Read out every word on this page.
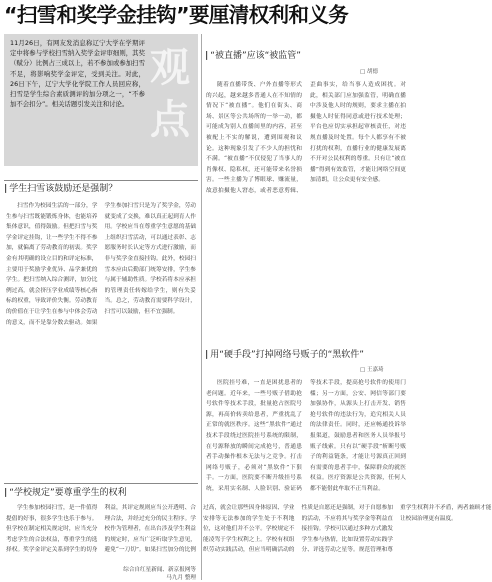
“扫雪和奖学金挂钩”要厘清权利和义务
11月26日，有网友发消息称辽宁大学在学期评定中将参与学校扫雪纳入奖学金评审细则，其奖（赋分）比例占三成以上，若不参加或参加扫雪不足，将影响奖学金评定，受到关注。对此，26日下午，辽宁大学化学院工作人员回应称，扫雪是学生综合素质测评的加分项之一，“不参加不会扣分”。相关话题引发关注和讨论。
观点
| 学生扫雪该鼓励还是强制？
扫雪作为校园生活的一部分，学生参与扫雪既能锻炼身体，也能培养集体意识，值得鼓励。但把扫雪与奖学金评定挂钩，让一些学生不得不参加，就偏离了劳动教育的初衷。奖学金有其明确的设立目的和评定标准，主要用于奖励学业优异、品学兼优的学生。把扫雪纳入综合测评，加分比例过高，就会挤压学业成绩等核心指标的权重，导致评价失衡。劳动教育的价值在于让学生在参与中体会劳动的意义，而不是靠分数去驱动。如果学生参加扫雪只是为了奖学金，劳动就变成了交换，难以真正起到育人作用。学校应当在尊重学生意愿的基础上组织扫雪活动，可以通过表彰、志愿服务时长认定等方式进行激励，而非与奖学金直接挂钩。此外，校园扫雪本应由后勤部门统筹安排，学生参与属于辅助性质。学校若将本应承担的管理责任转嫁给学生，则有失妥当。总之，劳动教育需要科学设计，扫雪可以鼓励，但不宜强制。
| “学校规定”要尊重学生的权利
学生参加校园扫雪，是一件值得提倡的好事，很多学生也乐于参与。但学校在制定相关规定时，应当充分考虑学生的合法权益，尊重学生的选择权。奖学金评定关系到学生的切身利益，其评定规则应当公开透明、合理合法，并经过充分的民主程序。学校作为管理者，在出台涉及学生利益的规定时，应当广泛听取学生意见，避免“一刀切”。如果扫雪加分的比例过高，就会让那些因身体原因、学业安排等无法参加的学生处于不利地位，这对他们并不公平。学校规定不能凌驾于学生权利之上。学校有权组织劳动实践活动，但应当明确活动的性质是自愿还是强制，对于自愿参加的活动，不应将其与奖学金等利益直接挂钩。学校可以通过多种方式激发学生参与热情，比如设置劳动实践学分、评选劳动之星等。规范管理和尊重学生权利并不矛盾，两者兼顾才能让校园治理更有温度。
综合自红星新闻、新京报网等
马九月 整理
| “被直播”应该“被监管”
□ 胡德
随着直播带货、户外直播等形式的兴起，越来越多普通人在不知情的情况下“被直播”。他们在街头、商场、景区等公共场所的一举一动，都可能成为别人直播间里的内容，甚至被配上不实的解说，遭到围观和议论。这种现象引发了不少人的担忧和不满。“被直播”不仅侵犯了当事人的肖像权、隐私权，还可能带来名誉损害。一些主播为了博眼球、赚流量，故意拍摄他人窘态，或者恶意剪辑、歪曲事实，给当事人造成困扰。对此，相关部门应加强监管，明确直播中涉及他人时的规则，要求主播在拍摄他人时征得同意或进行技术处理；平台也应切实承担起审核责任，对违规直播及时处置。每个人都享有不被打扰的权利，直播行业的健康发展离不开对公民权利的尊重。只有让“被直播”得到有效监管，才能让网络空间更加清朗，让公众更有安全感。
| 用“硬手段”打掉网络号贩子的“黑软件”
□ 王嘉琦
医院挂号难，一直是困扰患者的老问题。近年来，一些号贩子借助抢号软件等技术手段，批量抢占医院号源，再高价转卖给患者，严重扰乱了正常的就医秩序。这些“黑软件”通过技术手段绕过医院挂号系统的限制，在号源释放的瞬间完成抢号，普通患者手动操作根本无法与之竞争。打击网络号贩子，必须对“黑软件”下狠手。一方面，医院要不断升级挂号系统，采用实名制、人脸识别、验证码等技术手段，提高抢号软件的使用门槛；另一方面，公安、网信等部门要加强协作，从源头上打击开发、销售抢号软件的违法行为，追究相关人员的法律责任。同时，还应畅通投诉举报渠道，鼓励患者和医务人员举报号贩子线索。只有以“硬手段”斩断号贩子的利益链条，才能让号源真正回到有需要的患者手中，保障群众的就医权益。医疗资源是公共资源，任何人都不能借此牟取不正当利益。
